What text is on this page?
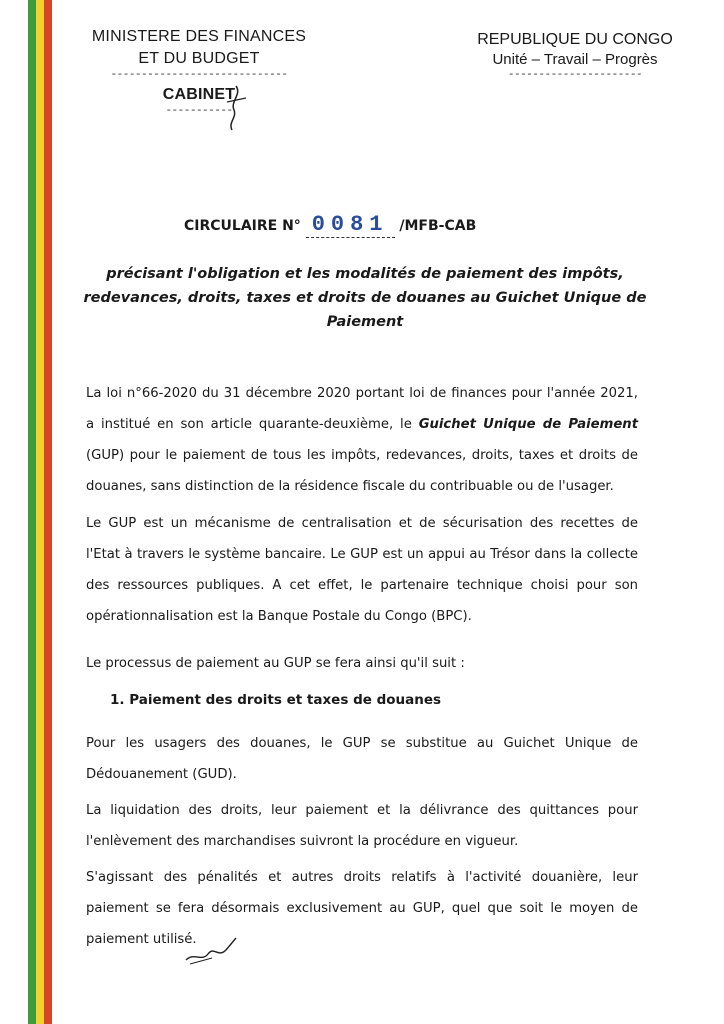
MINISTERE DES FINANCES
ET DU BUDGET
-----------------------------
CABINET
-----------
REPUBLIQUE DU CONGO
Unité – Travail – Progrès
----------------------
CIRCULAIRE N° 0081 /MFB-CAB
précisant l'obligation et les modalités de paiement des impôts, redevances, droits, taxes et droits de douanes au Guichet Unique de Paiement
La loi n°66-2020 du 31 décembre 2020 portant loi de finances pour l'année 2021, a institué en son article quarante-deuxième, le Guichet Unique de Paiement (GUP) pour le paiement de tous les impôts, redevances, droits, taxes et droits de douanes, sans distinction de la résidence fiscale du contribuable ou de l'usager.
Le GUP est un mécanisme de centralisation et de sécurisation des recettes de l'Etat à travers le système bancaire. Le GUP est un appui au Trésor dans la collecte des ressources publiques. A cet effet, le partenaire technique choisi pour son opérationnalisation est la Banque Postale du Congo (BPC).
Le processus de paiement au GUP se fera ainsi qu'il suit :
1. Paiement des droits et taxes de douanes
Pour les usagers des douanes, le GUP se substitue au Guichet Unique de Dédouanement (GUD).
La liquidation des droits, leur paiement et la délivrance des quittances pour l'enlèvement des marchandises suivront la procédure en vigueur.
S'agissant des pénalités et autres droits relatifs à l'activité douanière, leur paiement se fera désormais exclusivement au GUP, quel que soit le moyen de paiement utilisé.
